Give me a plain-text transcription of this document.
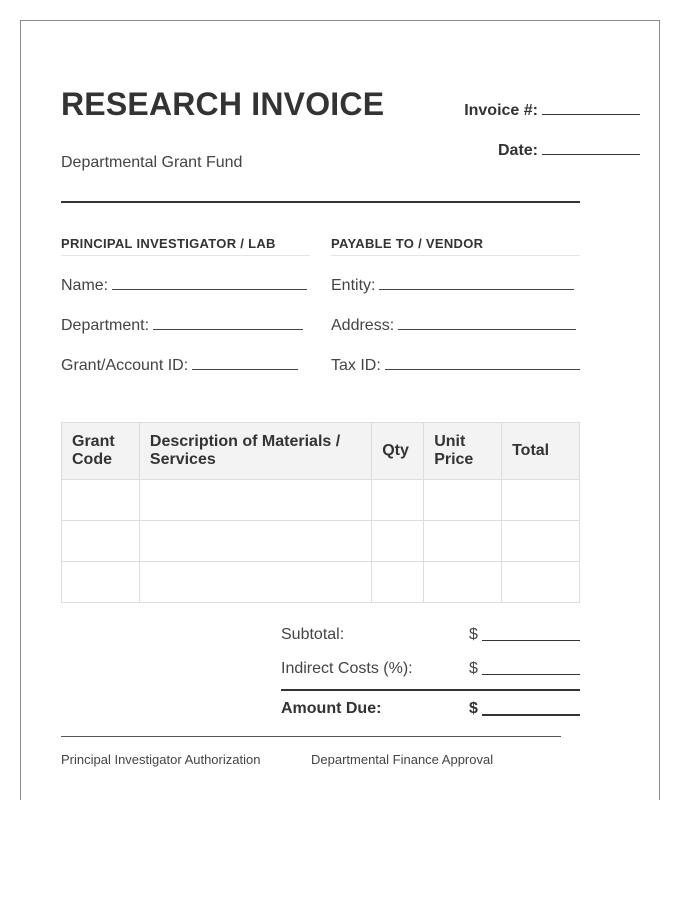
RESEARCH INVOICE
Departmental Grant Fund
Invoice #:
Date:
PRINCIPAL INVESTIGATOR / LAB
Name:
Department:
Grant/Account ID:
PAYABLE TO / VENDOR
Entity:
Address:
Tax ID:
Grant Code	Description of Materials / Services	Qty	Unit Price	Total

Subtotal:	$
Indirect Costs (%):	$
Amount Due:	$
Principal Investigator Authorization	Departmental Finance Approval
